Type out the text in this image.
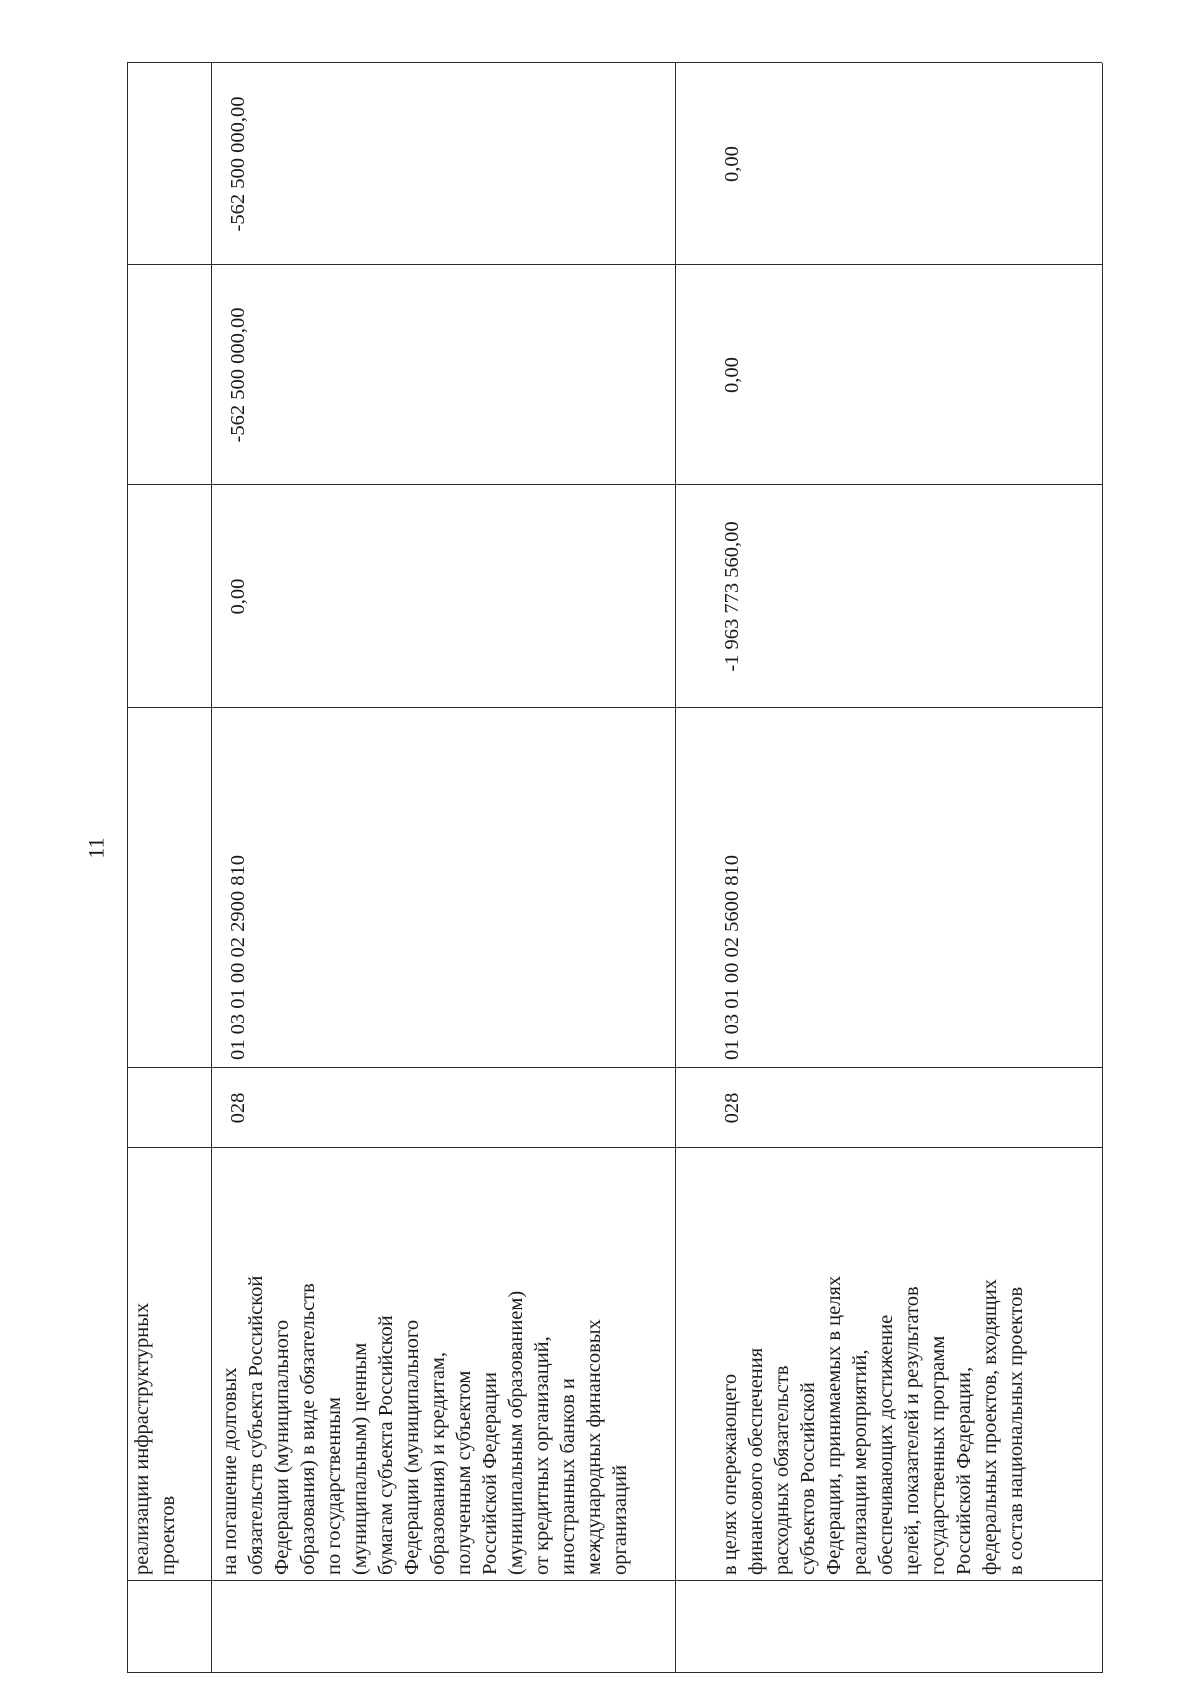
11
реализации инфраструктурных
проектов	на погашение долговых
обязательств субъекта Российской
Федерации (муниципального
образования) в виде обязательств
по государственным
(муниципальным) ценным
бумагам субъекта Российской
Федерации (муниципального
образования) и кредитам,
полученным субъектом
Российской Федерации
(муниципальным образованием)
от кредитных организаций,
иностранных банков и
международных финансовых
организаций
028
01 03 01 00 02 2900 810
0,00
-562 500 000,00
-562 500 000,00
в целях опережающего
финансового обеспечения
расходных обязательств
субъектов Российской
Федерации, принимаемых в целях
реализации мероприятий,
обеспечивающих достижение
целей, показателей и результатов
государственных программ
Российской Федерации,
федеральных проектов, входящих
в состав национальных проектов
028
01 03 01 00 02 5600 810
-1 963 773 560,00
0,00
0,00
